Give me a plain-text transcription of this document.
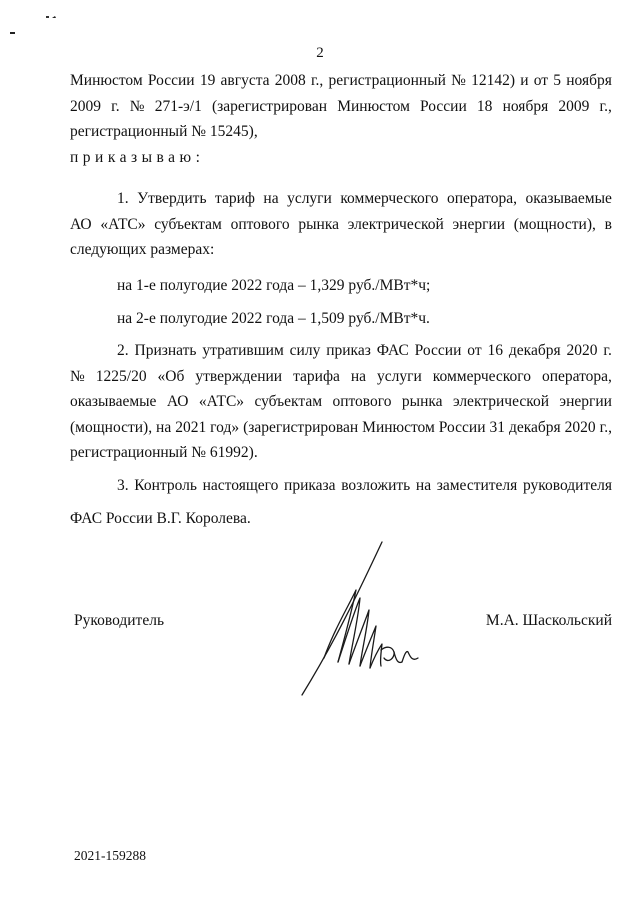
2
Минюстом России 19 августа 2008 г., регистрационный № 12142) и от 5 ноября
2009 г. № 271-э/1 (зарегистрирован Минюстом России 18 ноября 2009 г.,
регистрационный № 15245),
приказываю:
1. Утвердить тариф на услуги коммерческого оператора, оказываемые
АО «АТС» субъектам оптового рынка электрической энергии (мощности), в
следующих размерах:
на 1-е полугодие 2022 года – 1,329 руб./МВт*ч;
на 2-е полугодие 2022 года – 1,509 руб./МВт*ч.
2. Признать утратившим силу приказ ФАС России от 16 декабря 2020 г.
№ 1225/20 «Об утверждении тарифа на услуги коммерческого оператора,
оказываемые АО «АТС» субъектам оптового рынка электрической энергии
(мощности), на 2021 год» (зарегистрирован Минюстом России 31 декабря 2020 г.,
регистрационный № 61992).
3. Контроль настоящего приказа возложить на заместителя руководителя
ФАС России В.Г. Королева.
Руководитель	М.А. Шаскольский
2021-159288
